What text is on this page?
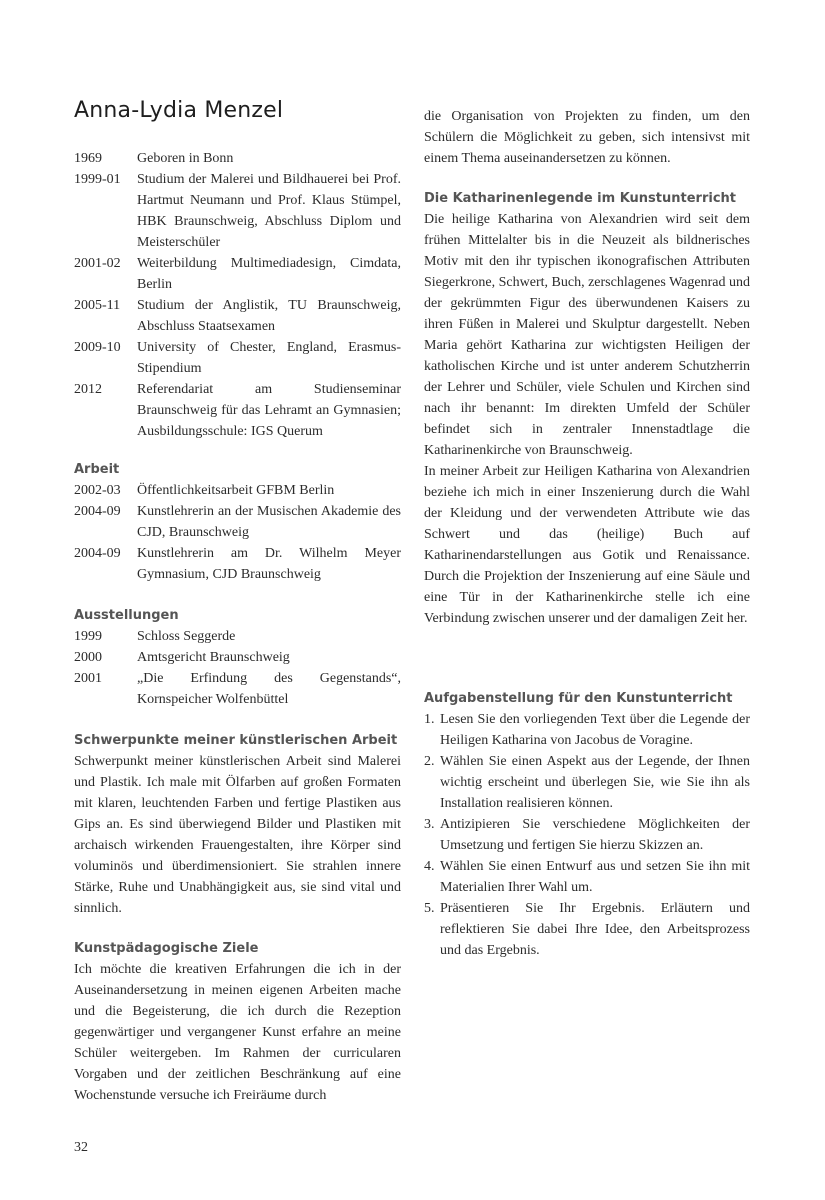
Anna-Lydia Menzel
1969	Geboren in Bonn
1999-01	Studium der Malerei und Bildhauerei bei Prof. Hartmut Neumann und Prof. Klaus Stümpel, HBK Braunschweig, Abschluss Diplom und Meisterschüler
2001-02	Weiterbildung Multimediadesign, Cimdata, Berlin
2005-11	Studium der Anglistik, TU Braunschweig, Abschluss Staatsexamen
2009-10	University of Chester, England, Erasmus-Stipendium
2012	Referendariat am Studienseminar Braunschweig für das Lehramt an Gymnasien; Ausbildungsschule: IGS Querum
Arbeit
2002-03	Öffentlichkeitsarbeit GFBM Berlin
2004-09	Kunstlehrerin an der Musischen Akademie des CJD, Braunschweig
2004-09	Kunstlehrerin am Dr. Wilhelm Meyer Gymnasium, CJD Braunschweig
Ausstellungen
1999	Schloss Seggerde
2000	Amtsgericht Braunschweig
2001	„Die Erfindung des Gegenstands“, Kornspeicher Wolfenbüttel
Schwerpunkte meiner künstlerischen Arbeit

Schwerpunkt meiner künstlerischen Arbeit sind Malerei und Plastik. Ich male mit Ölfarben auf großen Formaten mit klaren, leuchtenden Farben und fertige Plastiken aus Gips an. Es sind überwiegend Bilder und Plastiken mit archaisch wirkenden Frauengestalten, ihre Körper sind voluminös und überdimensioniert. Sie strahlen innere Stärke, Ruhe und Unabhängigkeit aus, sie sind vital und sinnlich.

Kunstpädagogische Ziele

Ich möchte die kreativen Erfahrungen die ich in der Auseinandersetzung in meinen eigenen Arbeiten mache und die Begeisterung, die ich durch die Rezeption gegenwärtiger und vergangener Kunst erfahre an meine Schüler weitergeben. Im Rahmen der curricularen Vorgaben und der zeitlichen Beschränkung auf eine Wochenstunde versuche ich Freiräume durch

die Organisation von Projekten zu finden, um den Schülern die Möglichkeit zu geben, sich intensivst mit einem Thema auseinandersetzen zu können.

Die Katharinenlegende im Kunstunterricht

Die heilige Katharina von Alexandrien wird seit dem frühen Mittelalter bis in die Neuzeit als bildnerisches Motiv mit den ihr typischen ikonografischen Attributen Siegerkrone, Schwert, Buch, zerschlagenes Wagenrad und der gekrümmten Figur des überwundenen Kaisers zu ihren Füßen in Malerei und Skulptur dargestellt. Neben Maria gehört Katharina zur wichtigsten Heiligen der katholischen Kirche und ist unter anderem Schutzherrin der Lehrer und Schüler, viele Schulen und Kirchen sind nach ihr benannt: Im direkten Umfeld der Schüler befindet sich in zentraler Innenstadtlage die Katharinenkirche von Braunschweig.

In meiner Arbeit zur Heiligen Katharina von Alexandrien beziehe ich mich in einer Inszenierung durch die Wahl der Kleidung und der verwendeten Attribute wie das Schwert und das (heilige) Buch auf Katharinendarstellungen aus Gotik und Renaissance. Durch die Projektion der Inszenierung auf eine Säule und eine Tür in der Katharinenkirche stelle ich eine Verbindung zwischen unserer und der damaligen Zeit her.

Aufgabenstellung für den Kunstunterricht
1. Lesen Sie den vorliegenden Text über die Legende der Heiligen Katharina von Jacobus de Voragine.
2. Wählen Sie einen Aspekt aus der Legende, der Ihnen wichtig erscheint und überlegen Sie, wie Sie ihn als Installation realisieren können.
3. Antizipieren Sie verschiedene Möglichkeiten der Umsetzung und fertigen Sie hierzu Skizzen an.
4. Wählen Sie einen Entwurf aus und setzen Sie ihn mit Materialien Ihrer Wahl um.
5. Präsentieren Sie Ihr Ergebnis. Erläutern und reflektieren Sie dabei Ihre Idee, den Arbeitsprozess und das Ergebnis.
32
